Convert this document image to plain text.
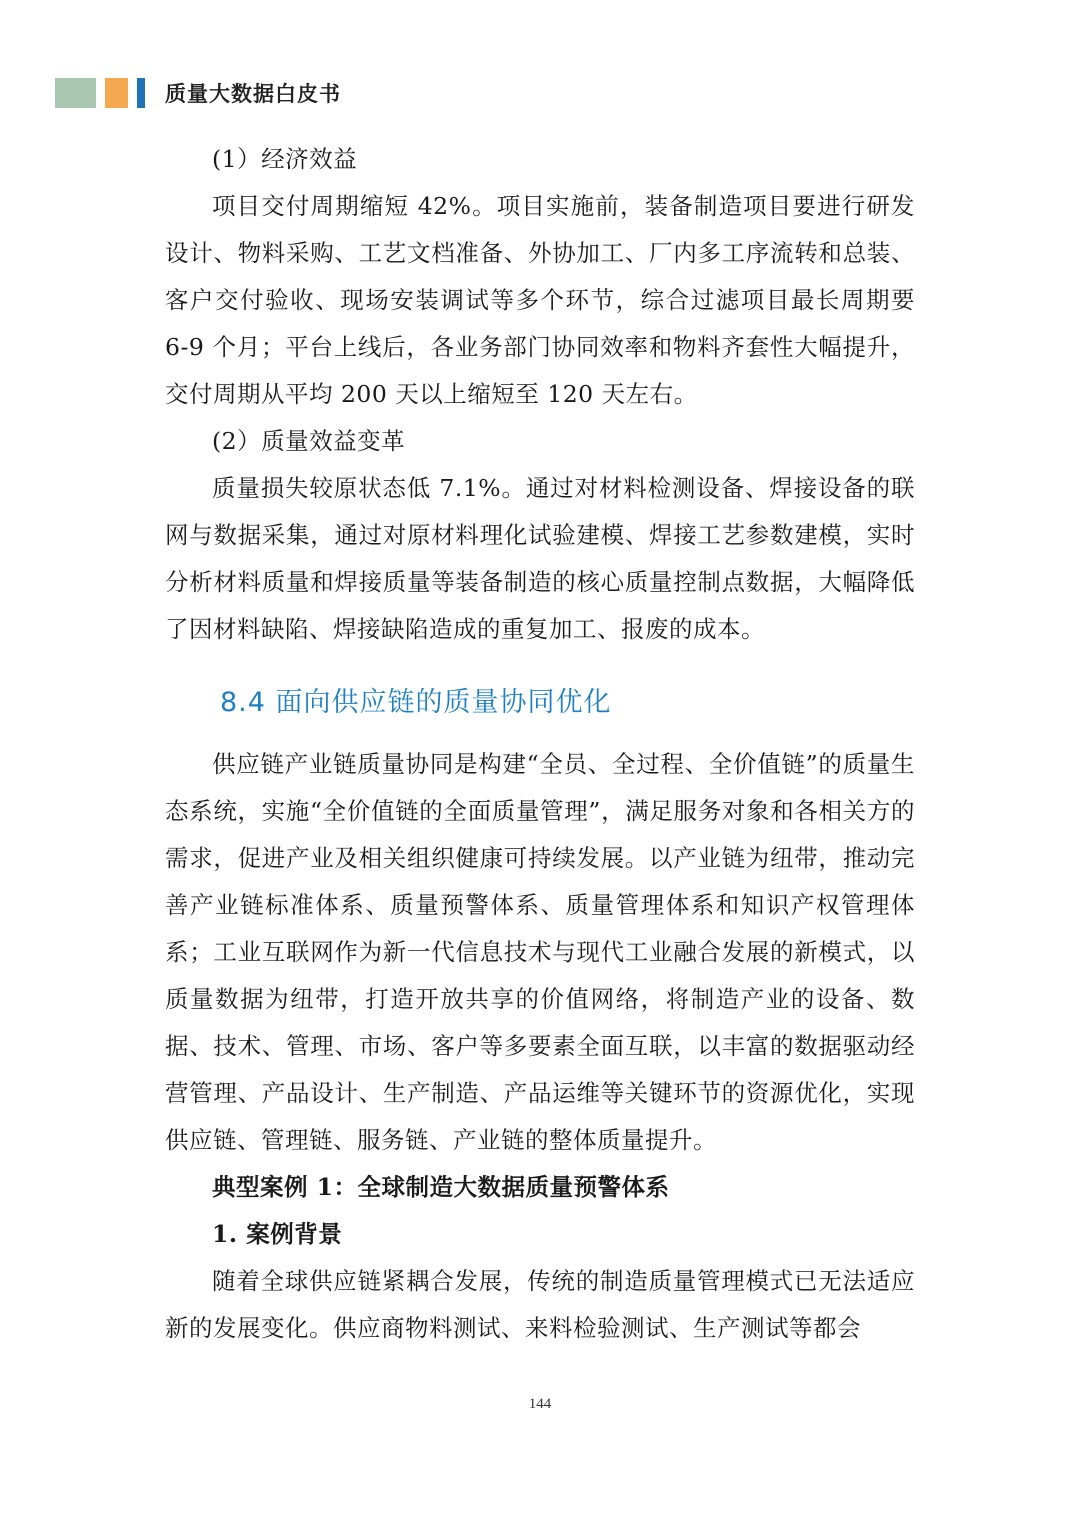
质量大数据白皮书

(1）经济效益

项目交付周期缩短 42%。项目实施前，装备制造项目要进行研发设计、物料采购、工艺文档准备、外协加工、厂内多工序流转和总装、客户交付验收、现场安装调试等多个环节，综合过滤项目最长周期要 6-9 个月；平台上线后，各业务部门协同效率和物料齐套性大幅提升，交付周期从平均 200 天以上缩短至 120 天左右。

(2）质量效益变革

质量损失较原状态低 7.1%。通过对材料检测设备、焊接设备的联网与数据采集，通过对原材料理化试验建模、焊接工艺参数建模，实时分析材料质量和焊接质量等装备制造的核心质量控制点数据，大幅降低了因材料缺陷、焊接缺陷造成的重复加工、报废的成本。

8.4 面向供应链的质量协同优化

供应链产业链质量协同是构建“全员、全过程、全价值链”的质量生态系统，实施“全价值链的全面质量管理”，满足服务对象和各相关方的需求，促进产业及相关组织健康可持续发展。以产业链为纽带，推动完善产业链标准体系、质量预警体系、质量管理体系和知识产权管理体系；工业互联网作为新一代信息技术与现代工业融合发展的新模式，以质量数据为纽带，打造开放共享的价值网络，将制造产业的设备、数据、技术、管理、市场、客户等多要素全面互联，以丰富的数据驱动经营管理、产品设计、生产制造、产品运维等关键环节的资源优化，实现供应链、管理链、服务链、产业链的整体质量提升。

典型案例 1：全球制造大数据质量预警体系

1. 案例背景

随着全球供应链紧耦合发展，传统的制造质量管理模式已无法适应新的发展变化。供应商物料测试、来料检验测试、生产测试等都会

144
